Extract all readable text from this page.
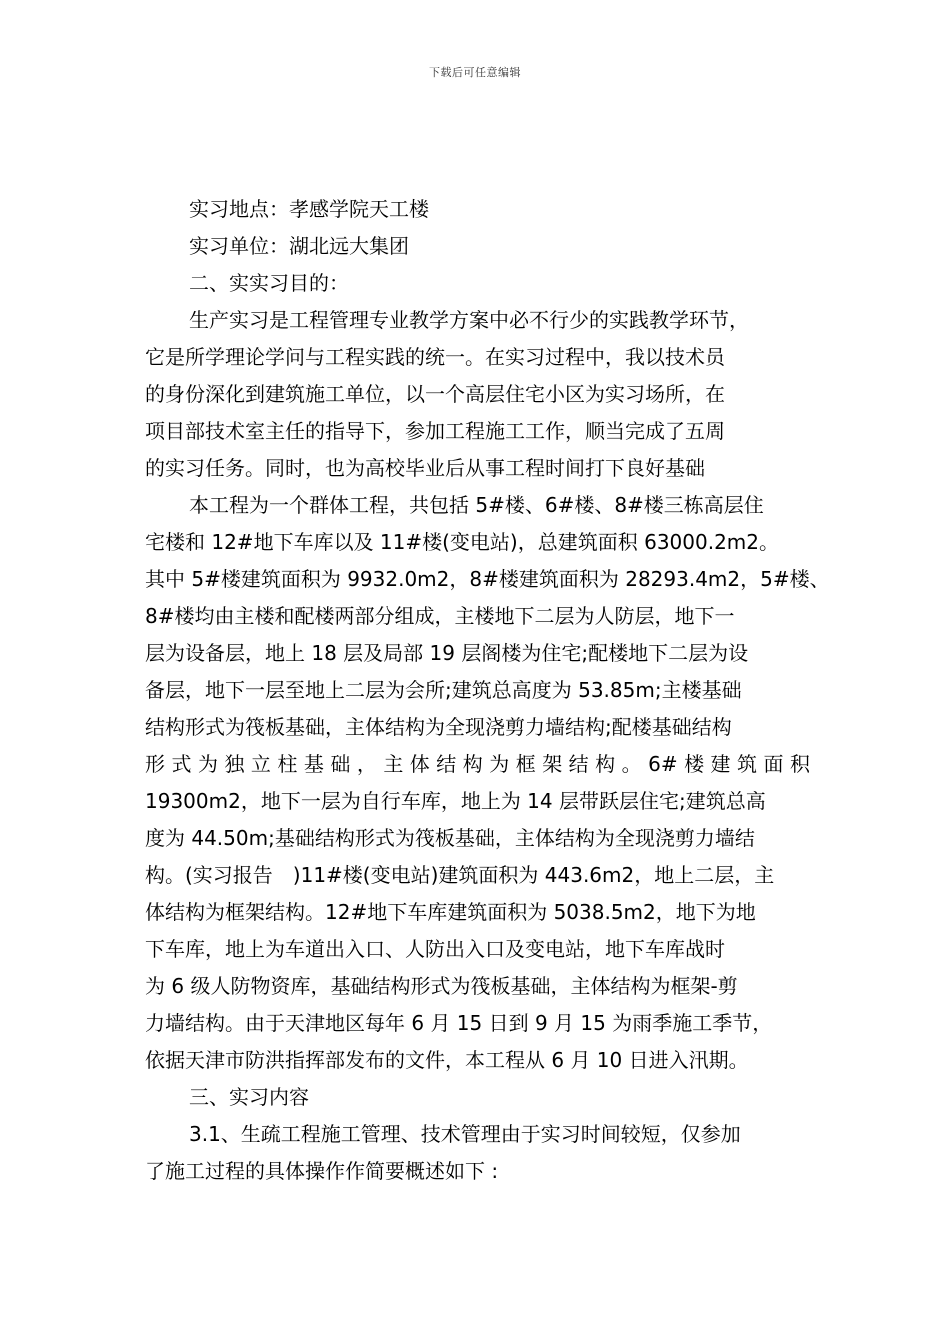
下载后可任意编辑
实习地点：孝感学院天工楼
实习单位：湖北远大集团
二、实实习目的：
生产实习是工程管理专业教学方案中必不行少的实践教学环节，
它是所学理论学问与工程实践的统一。在实习过程中，我以技术员
的身份深化到建筑施工单位，以一个高层住宅小区为实习场所，在
项目部技术室主任的指导下，参加工程施工工作，顺当完成了五周
的实习任务。同时，也为高校毕业后从事工程时间打下良好基础
本工程为一个群体工程，共包括 5#楼、6#楼、8#楼三栋高层住
宅楼和 12#地下车库以及 11#楼(变电站)，总建筑面积 63000.2m2。
其中 5#楼建筑面积为 9932.0m2，8#楼建筑面积为 28293.4m2，5#楼、
8#楼均由主楼和配楼两部分组成，主楼地下二层为人防层，地下一
层为设备层，地上 18 层及局部 19 层阁楼为住宅;配楼地下二层为设
备层，地下一层至地上二层为会所;建筑总高度为 53.85m;主楼基础
结构形式为筏板基础，主体结构为全现浇剪力墙结构;配楼基础结构
形式为独立柱基础，主体结构为框架结构。6#楼建筑面积
19300m2，地下一层为自行车库，地上为 14 层带跃层住宅;建筑总高
度为 44.50m;基础结构形式为筏板基础，主体结构为全现浇剪力墙结
构。(实习报告　)11#楼(变电站)建筑面积为 443.6m2，地上二层，主
体结构为框架结构。12#地下车库建筑面积为 5038.5m2，地下为地
下车库，地上为车道出入口、人防出入口及变电站，地下车库战时
为 6 级人防物资库，基础结构形式为筏板基础，主体结构为框架-剪
力墙结构。由于天津地区每年 6 月 15 日到 9 月 15 为雨季施工季节，
依据天津市防洪指挥部发布的文件，本工程从 6 月 10 日进入汛期。
三、实习内容
3.1、生疏工程施工管理、技术管理由于实习时间较短，仅参加
了施工过程的具体操作作简要概述如下 :
